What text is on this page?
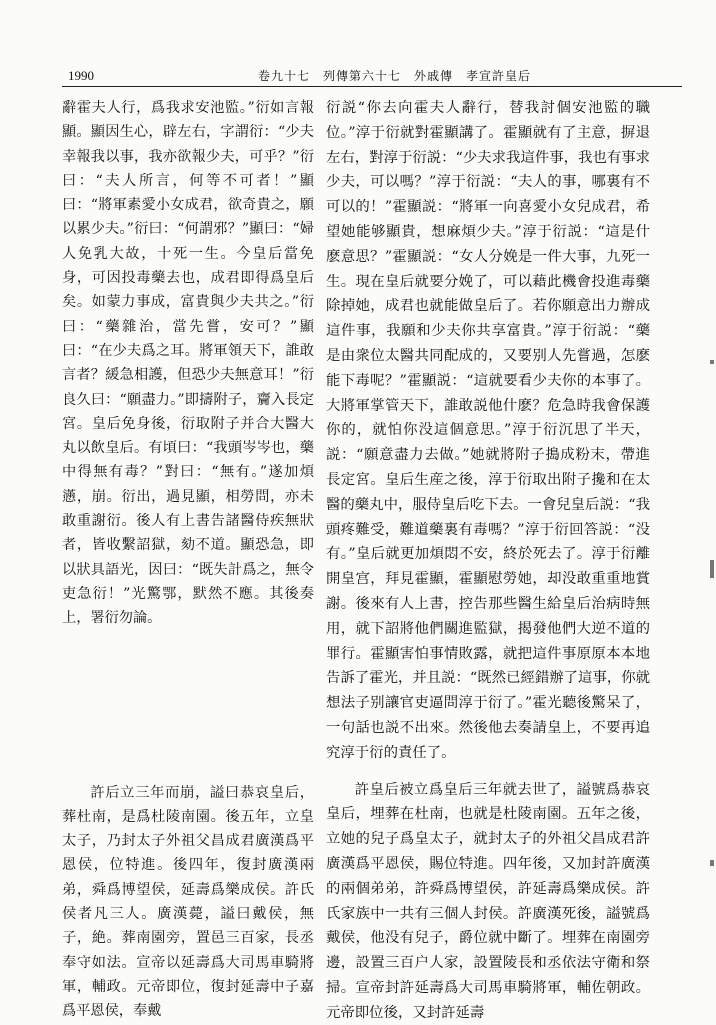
1990	卷九十七　列傳第六十七　外戚傳　孝宣許皇后

辭霍夫人行，爲我求安池監。”衍如言報顯。顯因生心，辟左右，字謂衍：“少夫幸報我以事，我亦欲報少夫，可乎？”衍曰：“夫人所言，何等不可者！”顯曰：“將軍素愛小女成君，欲奇貴之，願以累少夫。”衍曰：“何謂邪？”顯曰：“婦人免乳大故，十死一生。今皇后當免身，可因投毒藥去也，成君即得爲皇后矣。如蒙力事成，富貴與少夫共之。”衍曰：“藥雜治，當先嘗，安可？”顯曰：“在少夫爲之耳。將軍領天下，誰敢言者？緩急相護，但恐少夫無意耳！”衍良久曰：“願盡力。”即擣附子，齎入長定宮。皇后免身後，衍取附子并合大醫大丸以飲皇后。有頃曰：“我頭岑岑也，藥中得無有毒？”對曰：“無有。”遂加煩懣，崩。衍出，過見顯，相勞問，亦未敢重謝衍。後人有上書告諸醫侍疾無狀者，皆收繫詔獄，劾不道。顯恐急，即以狀具語光，因曰：“既失計爲之，無令吏急衍！”光驚鄂，默然不應。其後奏上，署衍勿論。

許后立三年而崩，謚曰恭哀皇后，葬杜南，是爲杜陵南園。後五年，立皇太子，乃封太子外祖父昌成君廣漢爲平恩侯，位特進。後四年，復封廣漢兩弟，舜爲博望侯，延壽爲樂成侯。許氏侯者凡三人。廣漢薨，謚曰戴侯，無子，絶。葬南園旁，置邑三百家，長丞奉守如法。宣帝以延壽爲大司馬車騎將軍，輔政。元帝即位，復封延壽中子嘉爲平恩侯，奉戴

衍説“你去向霍夫人辭行，替我討個安池監的職位。”淳于衍就對霍顯講了。霍顯就有了主意，摒退左右，對淳于衍説：“少夫求我這件事，我也有事求少夫，可以嗎？”淳于衍説：“夫人的事，哪裏有不可以的！”霍顯説：“將軍一向喜愛小女兒成君，希望她能够顯貴，想麻煩少夫。”淳于衍説：“這是什麽意思？”霍顯説：“女人分娩是一件大事，九死一生。現在皇后就要分娩了，可以藉此機會投進毒藥除掉她，成君也就能做皇后了。若你願意出力辦成這件事，我願和少夫你共享富貴。”淳于衍説：“藥是由衆位太醫共同配成的，又要别人先嘗過，怎麽能下毒呢？”霍顯説：“這就要看少夫你的本事了。大將軍掌管天下，誰敢説他什麽？危急時我會保護你的，就怕你没這個意思。”淳于衍沉思了半天，説：“願意盡力去做。”她就將附子搗成粉末，帶進長定宮。皇后生産之後，淳于衍取出附子攙和在太醫的藥丸中，服侍皇后吃下去。一會兒皇后説：“我頭疼難受，難道藥裏有毒嗎？”淳于衍回答説：“没有。”皇后就更加煩悶不安，終於死去了。淳于衍離開皇宫，拜見霍顯，霍顯慰勞她，却没敢重重地賞謝。後來有人上書，控告那些醫生給皇后治病時無用，就下詔將他們關進監獄，揭發他們大逆不道的罪行。霍顯害怕事情敗露，就把這件事原原本本地告訴了霍光，并且説：“既然已經錯辦了這事，你就想法子别讓官吏逼問淳于衍了。”霍光聽後驚呆了，一句話也説不出來。然後他去奏請皇上，不要再追究淳于衍的責任了。

許皇后被立爲皇后三年就去世了，謚號爲恭哀皇后，埋葬在杜南，也就是杜陵南園。五年之後，立她的兒子爲皇太子，就封太子的外祖父昌成君許廣漢爲平恩侯，賜位特進。四年後，又加封許廣漢的兩個弟弟，許舜爲博望侯，許延壽爲樂成侯。許氏家族中一共有三個人封侯。許廣漢死後，謚號爲戴侯，他没有兒子，爵位就中斷了。埋葬在南園旁邊，設置三百户人家，設置陵長和丞依法守衛和祭掃。宣帝封許延壽爲大司馬車騎將軍，輔佐朝政。元帝即位後，又封許延壽
